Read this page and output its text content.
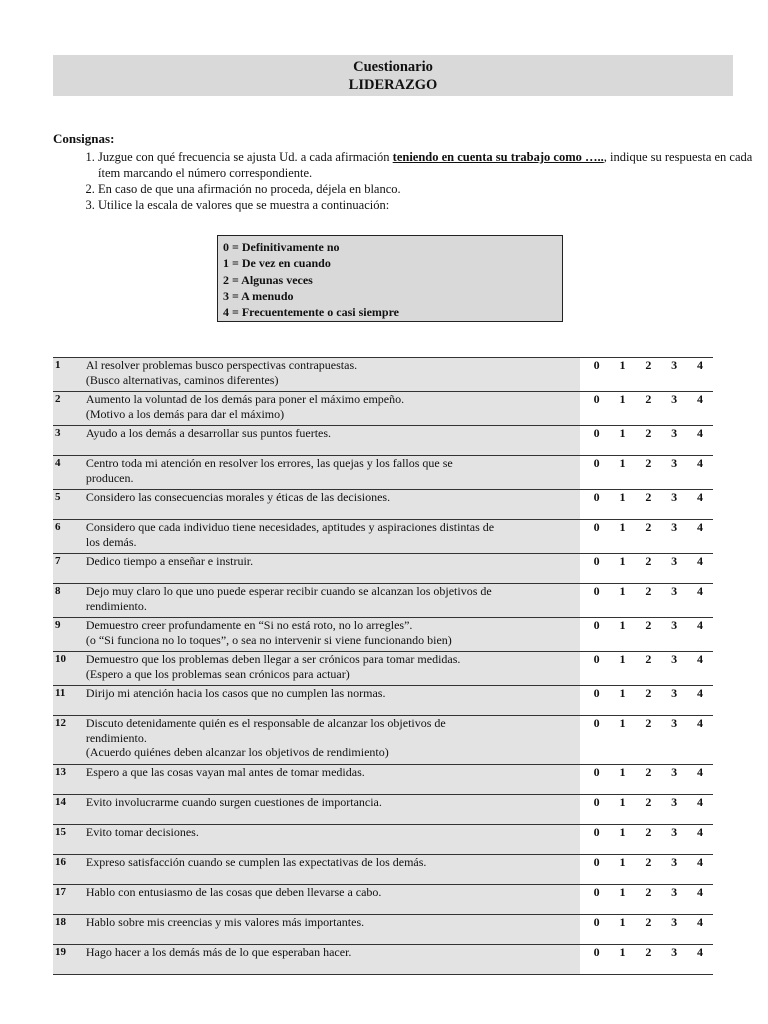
Cuestionario
LIDERAZGO
Consignas:
1. Juzgue con qué frecuencia se ajusta Ud. a cada afirmación teniendo en cuenta su trabajo como ….., indique su respuesta en cada ítem marcando el número correspondiente.
2. En caso de que una afirmación no proceda, déjela en blanco.
3. Utilice la escala de valores que se muestra a continuación:
0 = Definitivamente no
1 = De vez en cuando
2 = Algunas veces
3 = A menudo
4 = Frecuentemente o casi siempre
1	Al resolver problemas busco perspectivas contrapuestas.
(Busco alternativas, caminos diferentes)		0	1	2	3	4
2	Aumento la voluntad de los demás para poner el máximo empeño.
(Motivo a los demás para dar el máximo)		0	1	2	3	4
3	Ayudo a los demás a desarrollar sus puntos fuertes.		0	1	2	3	4
4	Centro toda mi atención en resolver los errores, las quejas y los fallos que se
producen.		0	1	2	3	4
5	Considero las consecuencias morales y éticas de las decisiones.		0	1	2	3	4
6	Considero que cada individuo tiene necesidades, aptitudes y aspiraciones distintas de
los demás.		0	1	2	3	4
7	Dedico tiempo a enseñar e instruir.		0	1	2	3	4
8	Dejo muy claro lo que uno puede esperar recibir cuando se alcanzan los objetivos de
rendimiento.		0	1	2	3	4
9	Demuestro creer profundamente en “Si no está roto, no lo arregles”.
(o “Si funciona no lo toques”, o sea no intervenir si viene funcionando bien)		0	1	2	3	4
10	Demuestro que los problemas deben llegar a ser crónicos para tomar medidas.
(Espero a que los problemas sean crónicos para actuar)		0	1	2	3	4
11	Dirijo mi atención hacia los casos que no cumplen las normas.		0	1	2	3	4
12	Discuto detenidamente quién es el responsable de alcanzar los objetivos de
rendimiento.
(Acuerdo quiénes deben alcanzar los objetivos de rendimiento)		0	1	2	3	4
13	Espero a que las cosas vayan mal antes de tomar medidas.		0	1	2	3	4
14	Evito involucrarme cuando surgen cuestiones de importancia.		0	1	2	3	4
15	Evito tomar decisiones.		0	1	2	3	4
16	Expreso satisfacción cuando se cumplen las expectativas de los demás.		0	1	2	3	4
17	Hablo con entusiasmo de las cosas que deben llevarse a cabo.		0	1	2	3	4
18	Hablo sobre mis creencias y mis valores más importantes.		0	1	2	3	4
19	Hago hacer a los demás más de lo que esperaban hacer.		0	1	2	3	4
